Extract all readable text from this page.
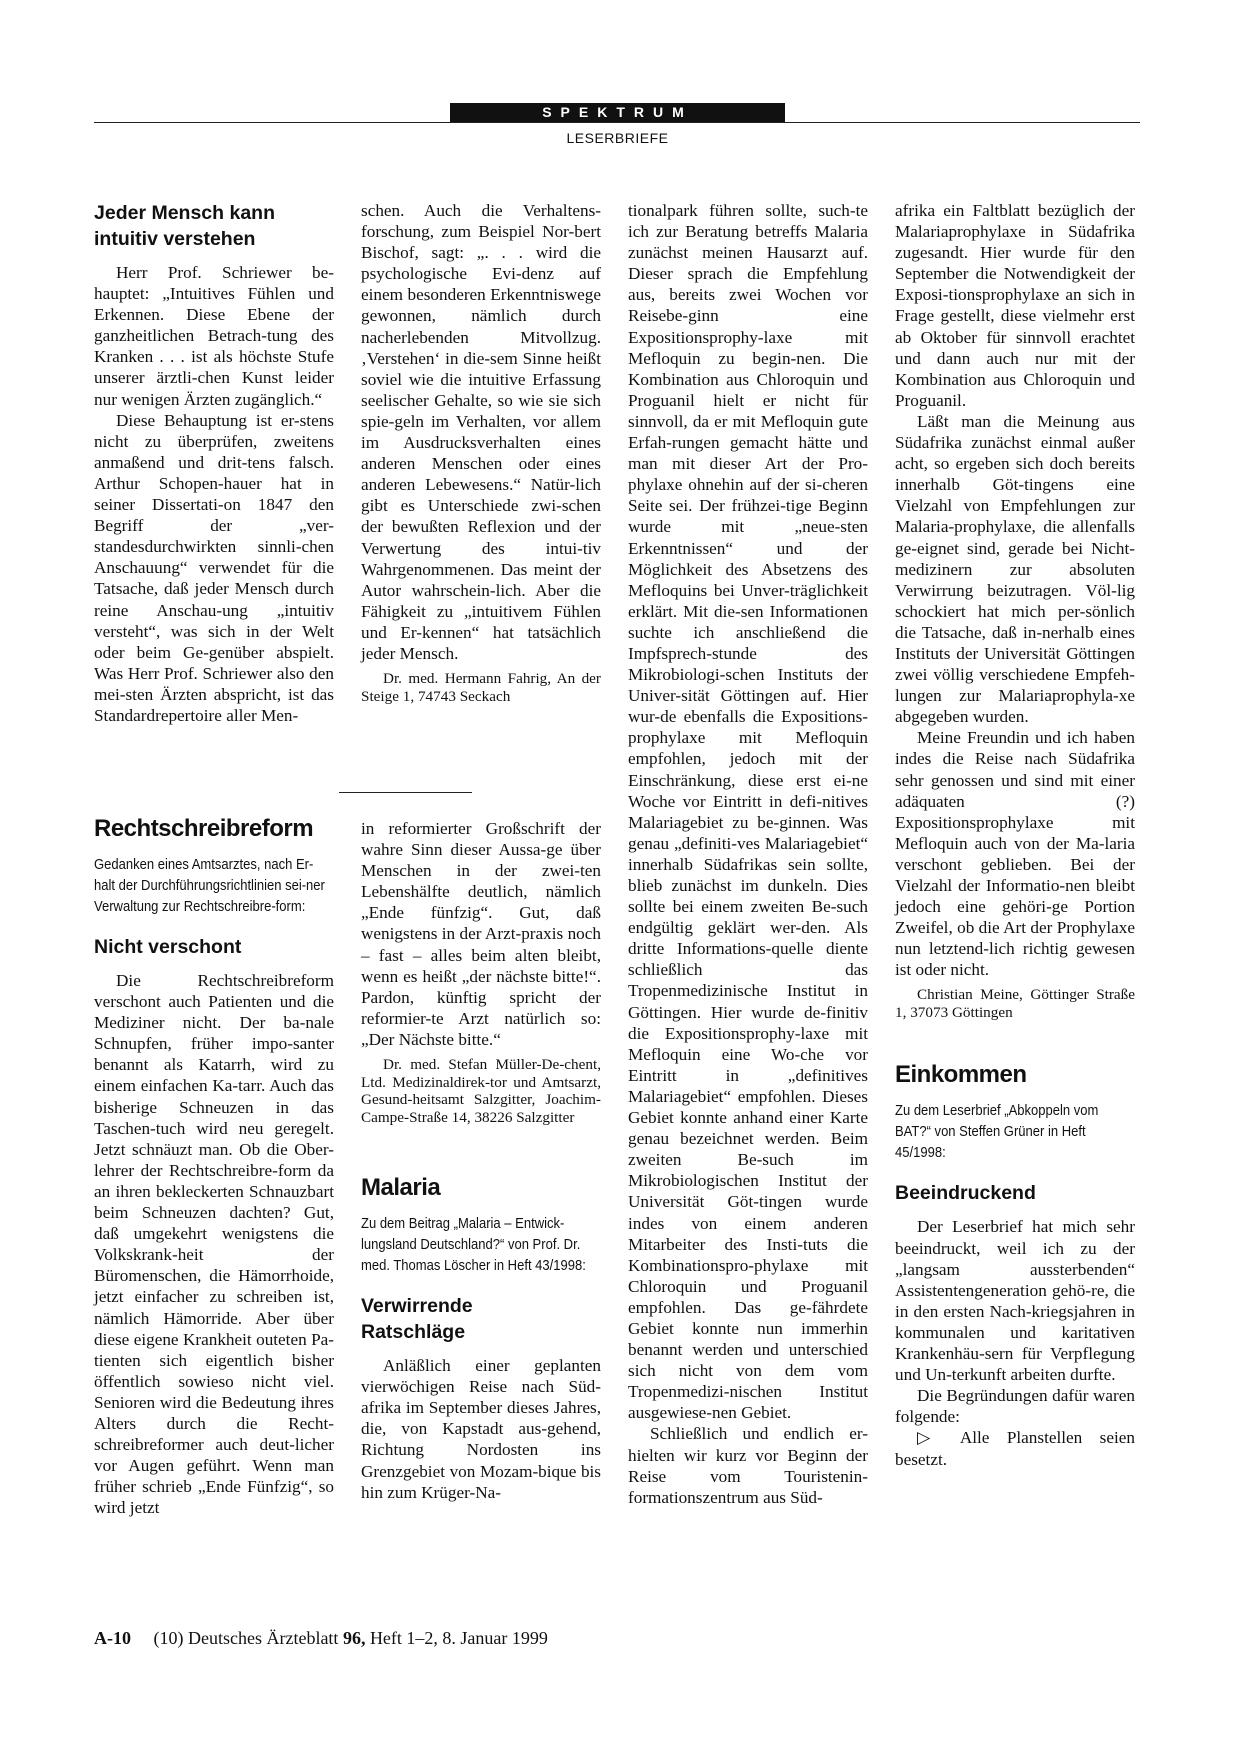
SPEKTRUM
LESERBRIEFE
Jeder Mensch kann intuitiv verstehen

Herr Prof. Schriewer be-hauptet: „Intuitives Fühlen und Erkennen. Diese Ebene der ganzheitlichen Betrach-tung des Kranken . . . ist als höchste Stufe unserer ärztli-chen Kunst leider nur wenigen Ärzten zugänglich.“

Diese Behauptung ist er-stens nicht zu überprüfen, zweitens anmaßend und drit-tens falsch. Arthur Schopen-hauer hat in seiner Dissertati-on 1847 den Begriff der „ver-standesdurchwirkten sinnli-chen Anschauung“ verwendet für die Tatsache, daß jeder Mensch durch reine Anschau-ung „intuitiv versteht“, was sich in der Welt oder beim Ge-genüber abspielt. Was Herr Prof. Schriewer also den mei-sten Ärzten abspricht, ist das Standardrepertoire aller Men-

Rechtschreibreform
Gedanken eines Amtsarztes, nach Er-halt der Durchführungsrichtlinien sei-ner Verwaltung zur Rechtschreibre-form:
Nicht verschont

Die Rechtschreibreform verschont auch Patienten und die Mediziner nicht. Der ba-nale Schnupfen, früher impo-santer benannt als Katarrh, wird zu einem einfachen Ka-tarr. Auch das bisherige Schneuzen in das Taschen-tuch wird neu geregelt. Jetzt schnäuzt man. Ob die Ober-lehrer der Rechtschreibre-form da an ihren bekleckerten Schnauzbart beim Schneuzen dachten? Gut, daß umgekehrt wenigstens die Volkskrank-heit der Büromenschen, die Hämorrhoide, jetzt einfacher zu schreiben ist, nämlich Hämorride. Aber über diese eigene Krankheit outeten Pa-tienten sich eigentlich bisher öffentlich sowieso nicht viel. Senioren wird die Bedeutung ihres Alters durch die Recht-schreibreformer auch deut-licher vor Augen geführt. Wenn man früher schrieb „Ende Fünfzig“, so wird jetzt

schen. Auch die Verhaltens-forschung, zum Beispiel Nor-bert Bischof, sagt: „. . . wird die psychologische Evi-denz auf einem besonderen Erkenntniswege gewonnen, nämlich durch nacherlebenden Mitvollzug. ‚Verstehen‘ in die-sem Sinne heißt soviel wie die intuitive Erfassung seelischer Gehalte, so wie sie sich spie-geln im Verhalten, vor allem im Ausdrucksverhalten eines anderen Menschen oder eines anderen Lebewesens.“ Natür-lich gibt es Unterschiede zwi-schen der bewußten Reflexion und der Verwertung des intui-tiv Wahrgenommenen. Das meint der Autor wahrschein-lich. Aber die Fähigkeit zu „intuitivem Fühlen und Er-kennen“ hat tatsächlich jeder Mensch.

Dr. med. Hermann Fahrig, An der Steige 1, 74743 Seckach

in reformierter Großschrift der wahre Sinn dieser Aussa-ge über Menschen in der zwei-ten Lebenshälfte deutlich, nämlich „Ende fünfzig“. Gut, daß wenigstens in der Arzt-praxis noch – fast – alles beim alten bleibt, wenn es heißt „der nächste bitte!“. Pardon, künftig spricht der reformier-te Arzt natürlich so: „Der Nächste bitte.“

Dr. med. Stefan Müller-De-chent, Ltd. Medizinaldirek-tor und Amtsarzt, Gesund-heitsamt Salzgitter, Joachim-Campe-Straße 14, 38226 Salzgitter

Malaria
Zu dem Beitrag „Malaria – Entwick-lungsland Deutschland?“ von Prof. Dr. med. Thomas Löscher in Heft 43/1998:
Verwirrende Ratschläge

Anläßlich einer geplanten vierwöchigen Reise nach Süd-afrika im September dieses Jahres, die, von Kapstadt aus-gehend, Richtung Nordosten ins Grenzgebiet von Mozam-bique bis hin zum Krüger-Na-

tionalpark führen sollte, such-te ich zur Beratung betreffs Malaria zunächst meinen Hausarzt auf. Dieser sprach die Empfehlung aus, bereits zwei Wochen vor Reisebe-ginn eine Expositionsprophy-laxe mit Mefloquin zu begin-nen. Die Kombination aus Chloroquin und Proguanil hielt er nicht für sinnvoll, da er mit Mefloquin gute Erfah-rungen gemacht hätte und man mit dieser Art der Pro-phylaxe ohnehin auf der si-cheren Seite sei. Der frühzei-tige Beginn wurde mit „neue-sten Erkenntnissen“ und der Möglichkeit des Absetzens des Mefloquins bei Unver-träglichkeit erklärt. Mit die-sen Informationen suchte ich anschließend die Impfsprech-stunde des Mikrobiologi-schen Instituts der Univer-sität Göttingen auf. Hier wur-de ebenfalls die Expositions-prophylaxe mit Mefloquin empfohlen, jedoch mit der Einschränkung, diese erst ei-ne Woche vor Eintritt in defi-nitives Malariagebiet zu be-ginnen. Was genau „definiti-ves Malariagebiet“ innerhalb Südafrikas sein sollte, blieb zunächst im dunkeln. Dies sollte bei einem zweiten Be-such endgültig geklärt wer-den. Als dritte Informations-quelle diente schließlich das Tropenmedizinische Institut in Göttingen. Hier wurde de-finitiv die Expositionsprophy-laxe mit Mefloquin eine Wo-che vor Eintritt in „definitives Malariagebiet“ empfohlen. Dieses Gebiet konnte anhand einer Karte genau bezeichnet werden. Beim zweiten Be-such im Mikrobiologischen Institut der Universität Göt-tingen wurde indes von einem anderen Mitarbeiter des Insti-tuts die Kombinationspro-phylaxe mit Chloroquin und Proguanil empfohlen. Das ge-fährdete Gebiet konnte nun immerhin benannt werden und unterschied sich nicht von dem vom Tropenmedizi-nischen Institut ausgewiese-nen Gebiet.

Schließlich und endlich er-hielten wir kurz vor Beginn der Reise vom Touristenin-formationszentrum aus Süd-

afrika ein Faltblatt bezüglich der Malariaprophylaxe in Südafrika zugesandt. Hier wurde für den September die Notwendigkeit der Exposi-tionsprophylaxe an sich in Frage gestellt, diese vielmehr erst ab Oktober für sinnvoll erachtet und dann auch nur mit der Kombination aus Chloroquin und Proguanil.

Läßt man die Meinung aus Südafrika zunächst einmal außer acht, so ergeben sich doch bereits innerhalb Göt-tingens eine Vielzahl von Empfehlungen zur Malaria-prophylaxe, die allenfalls ge-eignet sind, gerade bei Nicht-medizinern zur absoluten Verwirrung beizutragen. Völ-lig schockiert hat mich per-sönlich die Tatsache, daß in-nerhalb eines Instituts der Universität Göttingen zwei völlig verschiedene Empfeh-lungen zur Malariaprophyla-xe abgegeben wurden.

Meine Freundin und ich haben indes die Reise nach Südafrika sehr genossen und sind mit einer adäquaten (?) Expositionsprophylaxe mit Mefloquin auch von der Ma-laria verschont geblieben. Bei der Vielzahl der Informatio-nen bleibt jedoch eine gehöri-ge Portion Zweifel, ob die Art der Prophylaxe nun letztend-lich richtig gewesen ist oder nicht.

Christian Meine, Göttinger Straße 1, 37073 Göttingen

Einkommen
Zu dem Leserbrief „Abkoppeln vom BAT?“ von Steffen Grüner in Heft 45/1998:
Beeindruckend

Der Leserbrief hat mich sehr beeindruckt, weil ich zu der „langsam aussterbenden“ Assistentengeneration gehö-re, die in den ersten Nach-kriegsjahren in kommunalen und karitativen Krankenhäu-sern für Verpflegung und Un-terkunft arbeiten durfte.

Die Begründungen dafür waren folgende:

▷ Alle Planstellen seien besetzt.

A-10 (10) Deutsches Ärzteblatt 96, Heft 1–2, 8. Januar 1999
